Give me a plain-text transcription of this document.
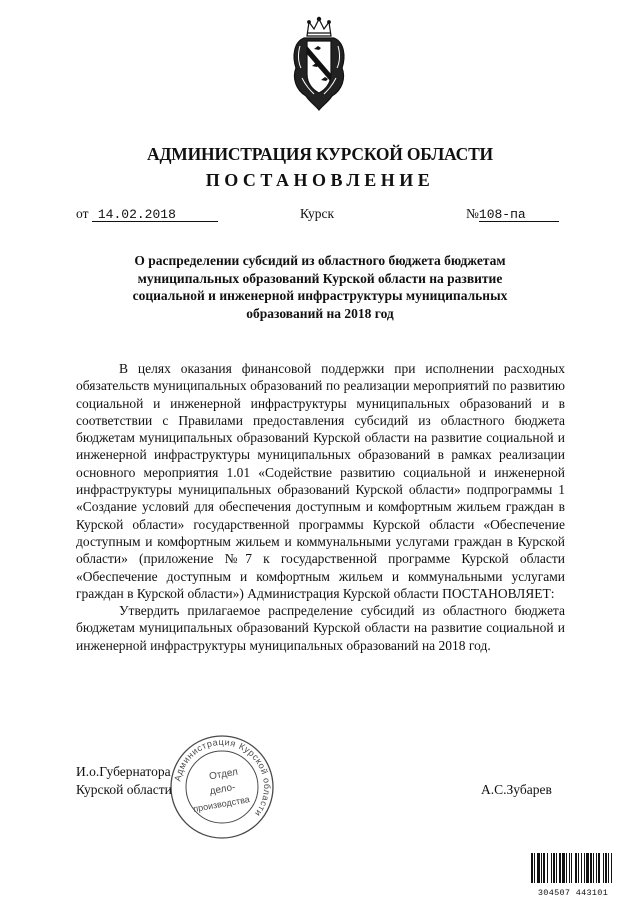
АДМИНИСТРАЦИЯ КУРСКОЙ ОБЛАСТИ
ПОСТАНОВЛЕНИЕ
от 14.02.2018	Курск	№108-па
О распределении субсидий из областного бюджета бюджетам муниципальных образований Курской области на развитие социальной и инженерной инфраструктуры муниципальных образований на 2018 год

В целях оказания финансовой поддержки при исполнении расходных обязательств муниципальных образований по реализации мероприятий по развитию социальной и инженерной инфраструктуры муниципальных образований и в соответствии с Правилами предоставления субсидий из областного бюджета бюджетам муниципальных образований Курской области на развитие социальной и инженерной инфраструктуры муниципальных образований в рамках реализации основного мероприятия 1.01 «Содействие развитию социальной и инженерной инфраструктуры муниципальных образований Курской области» подпрограммы 1 «Создание условий для обеспечения доступным и комфортным жильем граждан в Курской области» государственной программы Курской области «Обеспечение доступным и комфортным жильем и коммунальными услугами граждан в Курской области» (приложение №7 к государственной программе Курской области «Обеспечение доступным и комфортным жильем и коммунальными услугами граждан в Курской области») Администрация Курской области ПОСТАНОВЛЯЕТ:

Утвердить прилагаемое распределение субсидий из областного бюджета бюджетам муниципальных образований Курской области на развитие социальной и инженерной инфраструктуры муниципальных образований на 2018 год.

И.о.Губернатора
Курской области	А.С.Зубарев
Администрация Курской области
Отдел
дело-
производства
304507 443101
